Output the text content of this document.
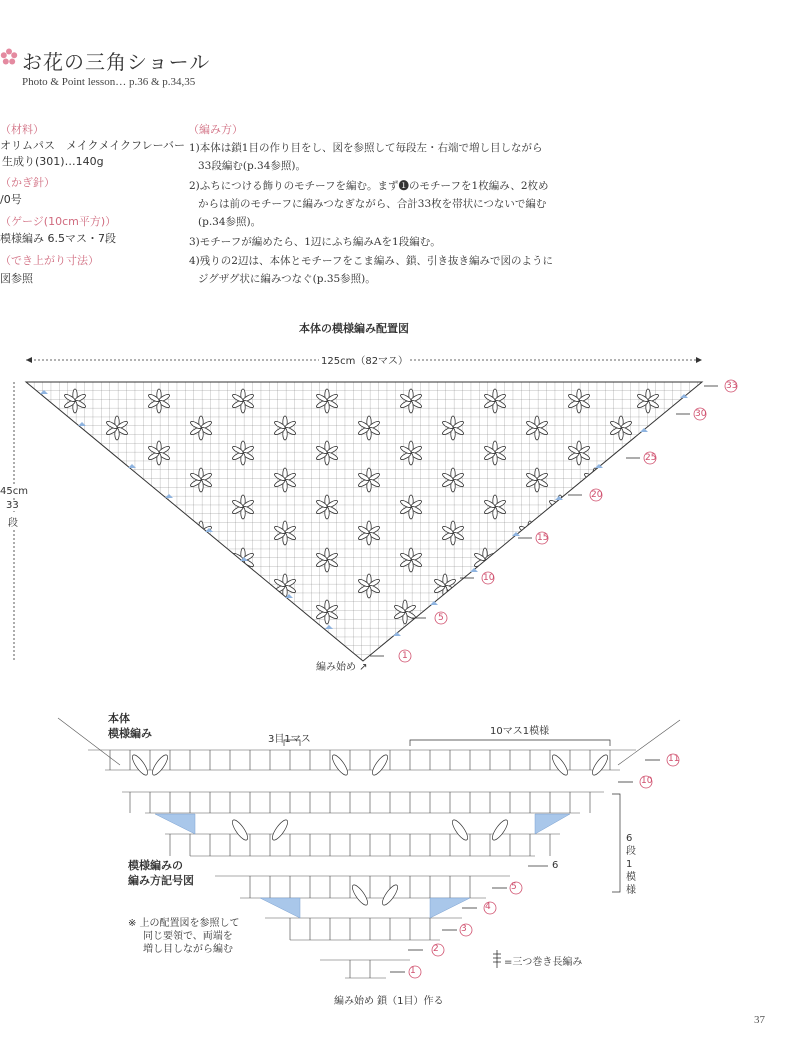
お花の三角ショール
Photo & Point lesson… p.36 & p.34,35
（材料）
オリムパス　メイクメイクフレーバー
生成り(301)…140g
（かぎ針）
/0号
（ゲージ(10cm平方)）
模様編み 6.5マス・7段
（でき上がり寸法）
図参照
（編み方）
1)本体は鎖1目の作り目をし、図を参照して毎段左・右端で増し目しながら
33段編む(p.34参照)。
2)ふちにつける飾りのモチーフを編む。まず❶のモチーフを1枚編み、2枚め
からは前のモチーフに編みつなぎながら、合計33枚を帯状につないで編む
(p.34参照)。
3)モチーフが編めたら、1辺にふち編みAを1段編む。
4)残りの2辺は、本体とモチーフをこま編み、鎖、引き抜き編みで図のように
ジグザグ状に編みつなぐ(p.35参照)。
本体の模様編み配置図
125cm（82マス）
45cm
33
段
編み始め ↗
33
30
25
20
15
10
5
1
本体
模様編み	3目1マス
10マス1模様
6段1模様
模様編みの
編み方記号図
※ 上の配置図を参照して
同じ要領で、両端を
増し目しながら編む
=三つ巻き長編み
編み始め 鎖（1目）作る
11
10
6
5
4
3
2
1
37
